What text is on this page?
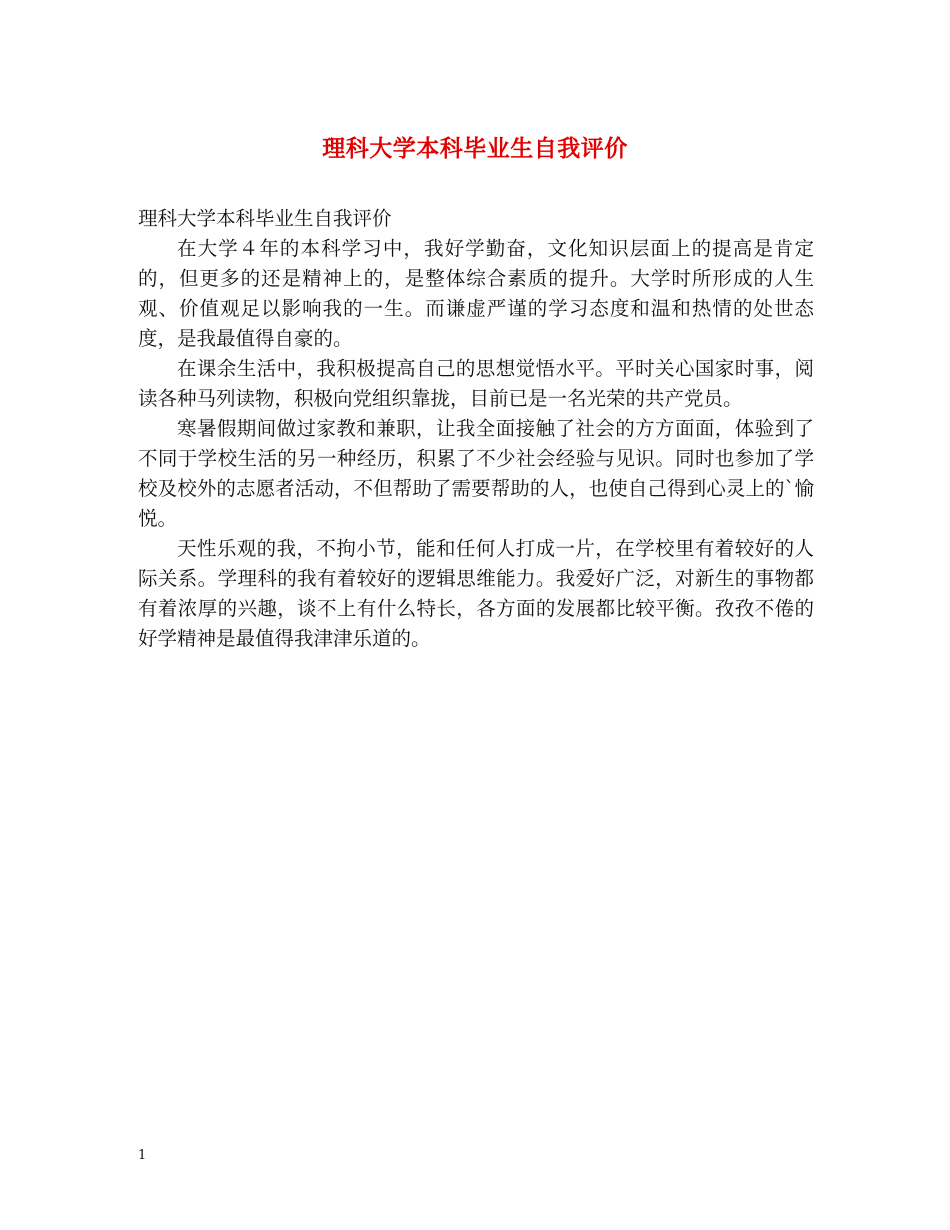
理科大学本科毕业生自我评价

理科大学本科毕业生自我评价

在大学４年的本科学习中，我好学勤奋，文化知识层面上的提高是肯定的，但更多的还是精神上的，是整体综合素质的提升。大学时所形成的人生观、价值观足以影响我的一生。而谦虚严谨的学习态度和温和热情的处世态度，是我最值得自豪的。

在课余生活中，我积极提高自己的思想觉悟水平。平时关心国家时事，阅读各种马列读物，积极向党组织靠拢，目前已是一名光荣的共产党员。

寒暑假期间做过家教和兼职，让我全面接触了社会的方方面面，体验到了不同于学校生活的另一种经历，积累了不少社会经验与见识。同时也参加了学校及校外的志愿者活动，不但帮助了需要帮助的人，也使自己得到心灵上的`愉悦。

天性乐观的我，不拘小节，能和任何人打成一片，在学校里有着较好的人际关系。学理科的我有着较好的逻辑思维能力。我爱好广泛，对新生的事物都有着浓厚的兴趣，谈不上有什么特长，各方面的发展都比较平衡。孜孜不倦的好学精神是最值得我津津乐道的。

1
